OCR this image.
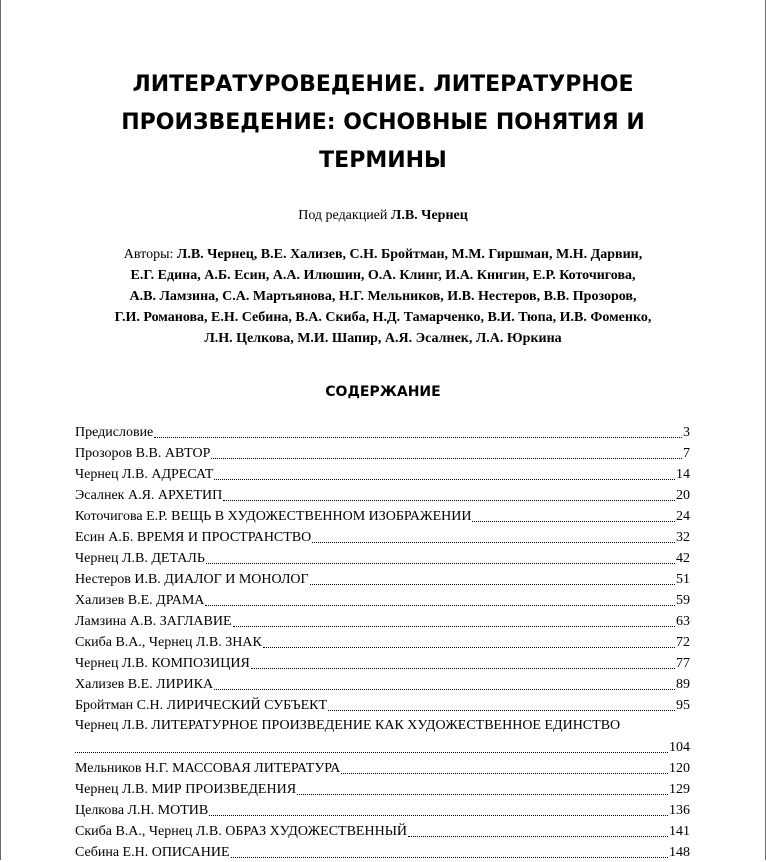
ЛИТЕРАТУРОВЕДЕНИЕ. ЛИТЕРАТУРНОЕ
ПРОИЗВЕДЕНИЕ: ОСНОВНЫЕ ПОНЯТИЯ И
ТЕРМИНЫ
Под редакцией Л.В. Чернец
Авторы: Л.В. Чернец, В.Е. Хализев, С.Н. Бройтман, М.М. Гиршман, М.Н. Дарвин,
Е.Г. Едина, А.Б. Есин, А.А. Илюшин, О.А. Клинг, И.А. Книгин, Е.Р. Коточигова,
А.В. Ламзина, С.А. Мартьянова, Н.Г. Мельников, И.В. Нестеров, В.В. Прозоров,
Г.И. Романова, Е.Н. Себина, В.А. Скиба, Н.Д. Тамарченко, В.И. Тюпа, И.В. Фоменко,
Л.Н. Целкова, М.И. Шапир, А.Я. Эсалнек, Л.А. Юркина
СОДЕРЖАНИЕ
Предисловие	3
Прозоров В.В. АВТОР	7
Чернец Л.В. АДРЕСАТ	14
Эсалнек А.Я. АРХЕТИП	20
Коточигова Е.Р. ВЕЩЬ В ХУДОЖЕСТВЕННОМ ИЗОБРАЖЕНИИ	24
Есин А.Б. ВРЕМЯ И ПРОСТРАНСТВО	32
Чернец Л.В. ДЕТАЛЬ	42
Нестеров И.В. ДИАЛОГ И МОНОЛОГ	51
Хализев В.Е. ДРАМА	59
Ламзина А.В. ЗАГЛАВИЕ	63
Скиба В.А., Чернец Л.В. ЗНАК	72
Чернец Л.В. КОМПОЗИЦИЯ	77
Хализев В.Е. ЛИРИКА	89
Бройтман С.Н. ЛИРИЧЕСКИЙ СУБЪЕКТ	95
Чернец Л.В. ЛИТЕРАТУРНОЕ ПРОИЗВЕДЕНИЕ КАК ХУДОЖЕСТВЕННОЕ ЕДИНСТВО
104
Мельников Н.Г. МАССОВАЯ ЛИТЕРАТУРА	120
Чернец Л.В. МИР ПРОИЗВЕДЕНИЯ	129
Целкова Л.Н. МОТИВ	136
Скиба В.А., Чернец Л.В. ОБРАЗ ХУДОЖЕСТВЕННЫЙ	141
Себина Е.Н. ОПИСАНИЕ	148
